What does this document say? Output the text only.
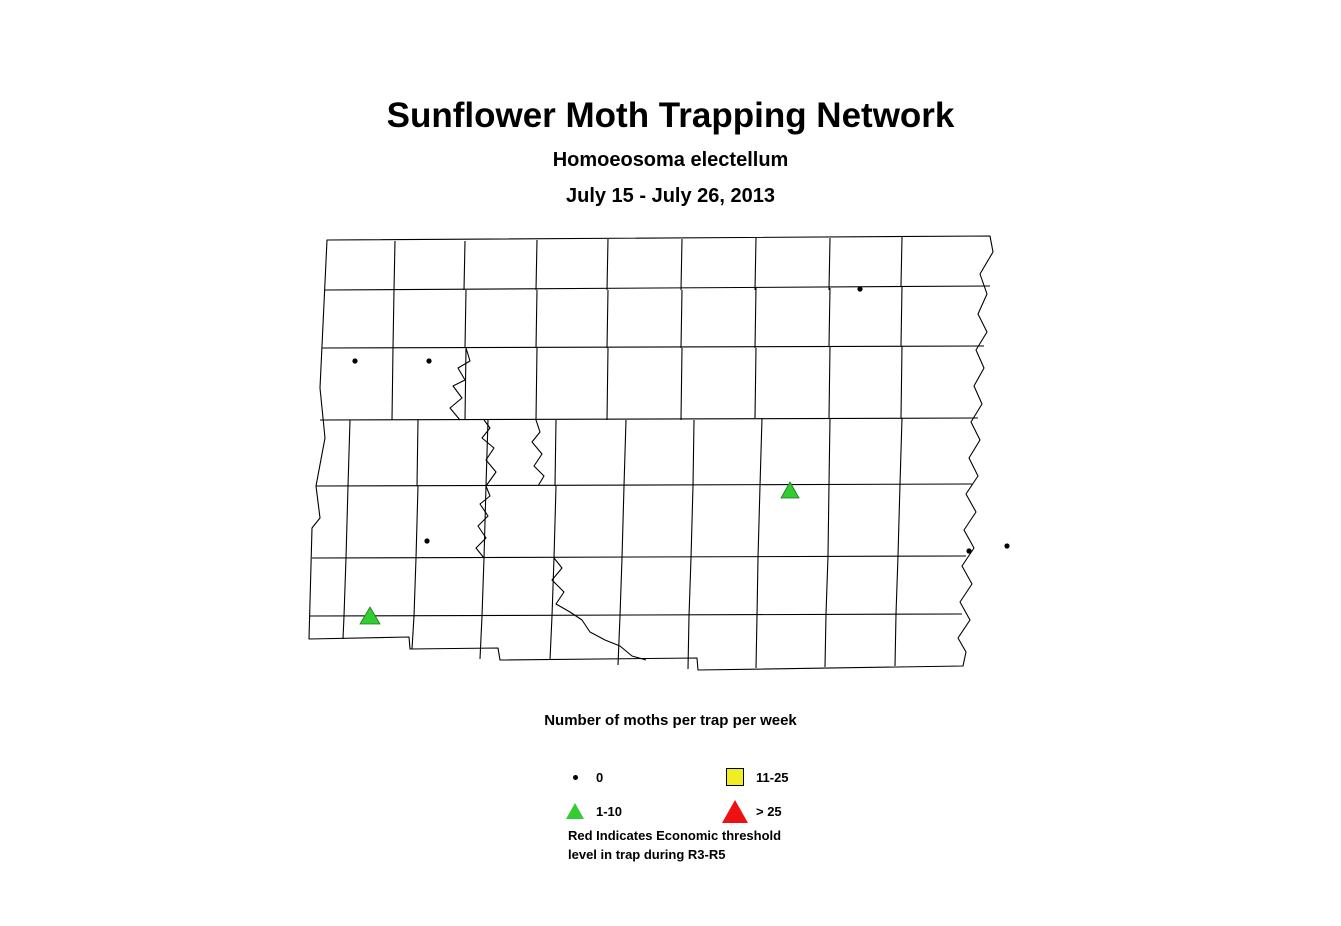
Sunflower Moth Trapping Network
Homoeosoma electellum
July 15 - July 26, 2013
Number of moths per trap per week
0	11-25
1-10	> 25
Red Indicates Economic threshold
level in trap during R3-R5
